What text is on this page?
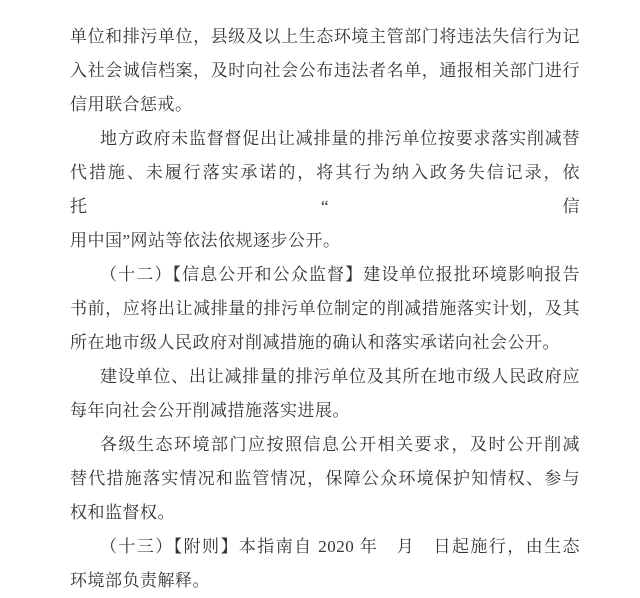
单位和排污单位，县级及以上生态环境主管部门将违法失信行为记
入社会诚信档案，及时向社会公布违法者名单，通报相关部门进行
信用联合惩戒。
地方政府未监督督促出让减排量的排污单位按要求落实削减替
代措施、未履行落实承诺的，将其行为纳入政务失信记录，依托“信
用中国”网站等依法依规逐步公开。
（十二）【信息公开和公众监督】建设单位报批环境影响报告
书前，应将出让减排量的排污单位制定的削减措施落实计划，及其
所在地市级人民政府对削减措施的确认和落实承诺向社会公开。
建设单位、出让减排量的排污单位及其所在地市级人民政府应
每年向社会公开削减措施落实进展。
各级生态环境部门应按照信息公开相关要求，及时公开削减
替代措施落实情况和监管情况，保障公众环境保护知情权、参与
权和监督权。
（十三）【附则】本指南自 2020 年　月　日起施行，由生态
环境部负责解释。
